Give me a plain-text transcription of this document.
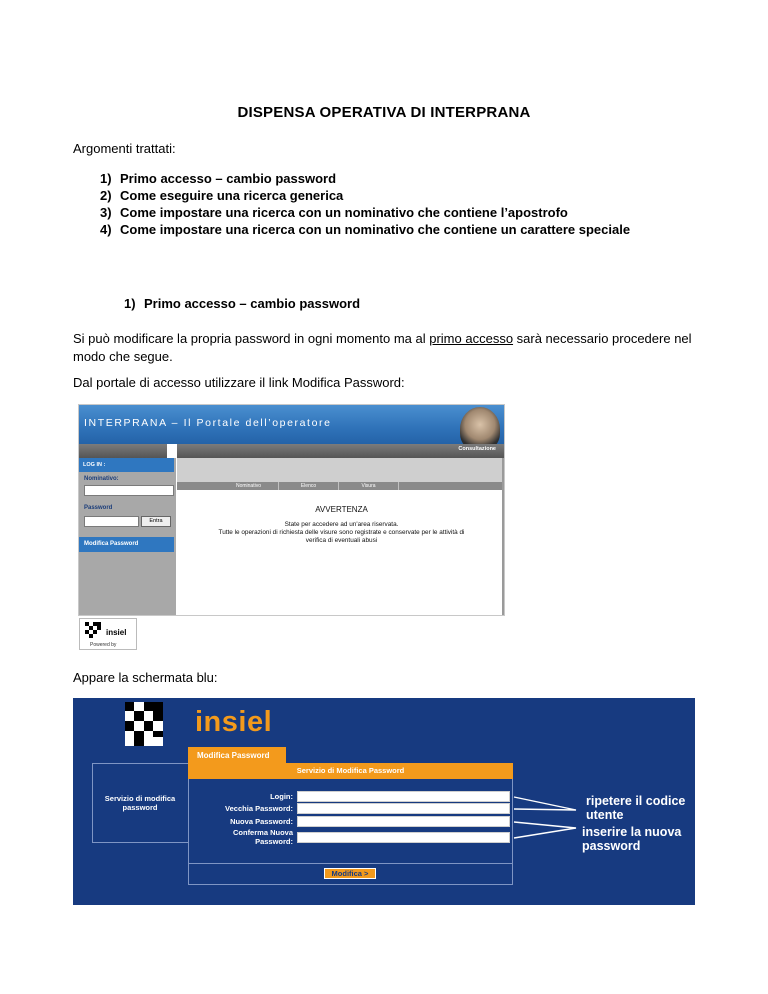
DISPENSA OPERATIVA DI INTERPRANA
Argomenti trattati:
1) Primo accesso – cambio password
2) Come eseguire una ricerca generica
3) Come impostare una ricerca con un nominativo che contiene l’apostrofo
4) Come impostare una ricerca con un nominativo che contiene un carattere speciale
1) Primo accesso – cambio password
Si può modificare la propria password in ogni momento ma al primo accesso sarà necessario procedere nel
modo che segue.
Dal portale di accesso utilizzare il link Modifica Password:
INTERPRANA – Il Portale dell’operatore
Consultazione
LOG IN :
Nominativo:
Password
Entra
Modifica Password
Nominativo	Elenco	Visura
AVVERTENZA
State per accedere ad un'area riservata.
Tutte le operazioni di richiesta delle visure sono registrate e conservate per le attività di
verifica di eventuali abusi
insiel
Powered by
Appare la schermata blu:
insiel
Modifica Password
Servizio di modifica
password
Servizio di Modifica Password
Login:
Vecchia Password:
Nuova Password:
Conferma Nuova
Password:
Modifica >
ripetere il codice
utente
inserire la nuova
password
